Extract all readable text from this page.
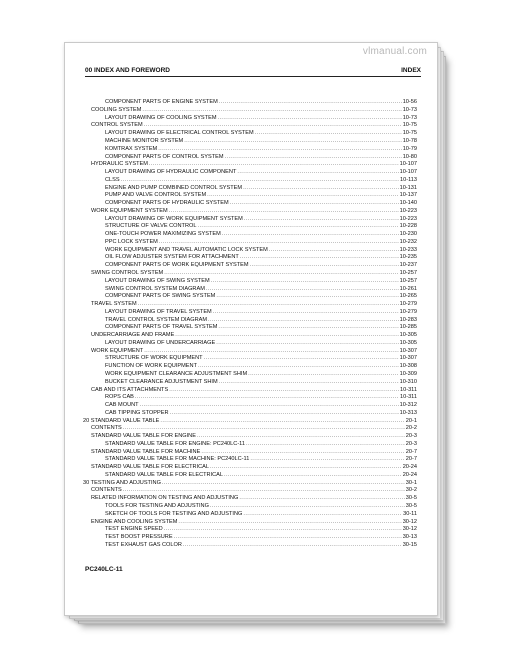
vlmanual.com
00 INDEX AND FOREWORD	INDEX
COMPONENT PARTS OF ENGINE SYSTEM .....	10-56
COOLING SYSTEM .....	10-73
LAYOUT DRAWING OF COOLING SYSTEM .....	10-73
CONTROL SYSTEM .....	10-75
LAYOUT DRAWING OF ELECTRICAL CONTROL SYSTEM .....	10-75
MACHINE MONITOR SYSTEM .....	10-78
KOMTRAX SYSTEM .....	10-79
COMPONENT PARTS OF CONTROL SYSTEM .....	10-80
HYDRAULIC SYSTEM .....	10-107
LAYOUT DRAWING OF HYDRAULIC COMPONENT .....	10-107
CLSS .....	10-113
ENGINE AND PUMP COMBINED CONTROL SYSTEM .....	10-131
PUMP AND VALVE CONTROL SYSTEM .....	10-137
COMPONENT PARTS OF HYDRAULIC SYSTEM .....	10-140
WORK EQUIPMENT SYSTEM .....	10-223
LAYOUT DRAWING OF WORK EQUIPMENT SYSTEM .....	10-223
STRUCTURE OF VALVE CONTROL .....	10-228
ONE-TOUCH POWER MAXIMIZING SYSTEM .....	10-230
PPC LOCK SYSTEM .....	10-232
WORK EQUIPMENT AND TRAVEL AUTOMATIC LOCK SYSTEM .....	10-233
OIL FLOW ADJUSTER SYSTEM FOR ATTACHMENT .....	10-235
COMPONENT PARTS OF WORK EQUIPMENT SYSTEM .....	10-237
SWING CONTROL SYSTEM .....	10-257
LAYOUT DRAWING OF SWING SYSTEM .....	10-257
SWING CONTROL SYSTEM DIAGRAM .....	10-261
COMPONENT PARTS OF SWING SYSTEM .....	10-265
TRAVEL SYSTEM .....	10-279
LAYOUT DRAWING OF TRAVEL SYSTEM .....	10-279
TRAVEL CONTROL SYSTEM DIAGRAM .....	10-283
COMPONENT PARTS OF TRAVEL SYSTEM .....	10-285
UNDERCARRIAGE AND FRAME .....	10-305
LAYOUT DRAWING OF UNDERCARRIAGE .....	10-305
WORK EQUIPMENT .....	10-307
STRUCTURE OF WORK EQUIPMENT .....	10-307
FUNCTION OF WORK EQUIPMENT .....	10-308
WORK EQUIPMENT CLEARANCE ADJUSTMENT SHIM .....	10-309
BUCKET CLEARANCE ADJUSTMENT SHIM .....	10-310
CAB AND ITS ATTACHMENTS .....	10-311
ROPS CAB .....	10-311
CAB MOUNT .....	10-312
CAB TIPPING STOPPER .....	10-313
20 STANDARD VALUE TABLE .....	20-1
CONTENTS .....	20-2
STANDARD VALUE TABLE FOR ENGINE .....	20-3
STANDARD VALUE TABLE FOR ENGINE: PC240LC-11 .....	20-3
STANDARD VALUE TABLE FOR MACHINE .....	20-7
STANDARD VALUE TABLE FOR MACHINE: PC240LC-11 .....	20-7
STANDARD VALUE TABLE FOR ELECTRICAL .....	20-24
STANDARD VALUE TABLE FOR ELECTRICAL .....	20-24
30 TESTING AND ADJUSTING .....	30-1
CONTENTS .....	30-2
RELATED INFORMATION ON TESTING AND ADJUSTING .....	30-5
TOOLS FOR TESTING AND ADJUSTING .....	30-5
SKETCH OF TOOLS FOR TESTING AND ADJUSTING .....	30-11
ENGINE AND COOLING SYSTEM .....	30-12
TEST ENGINE SPEED .....	30-12
TEST BOOST PRESSURE .....	30-13
TEST EXHAUST GAS COLOR .....	30-15
PC240LC-11
